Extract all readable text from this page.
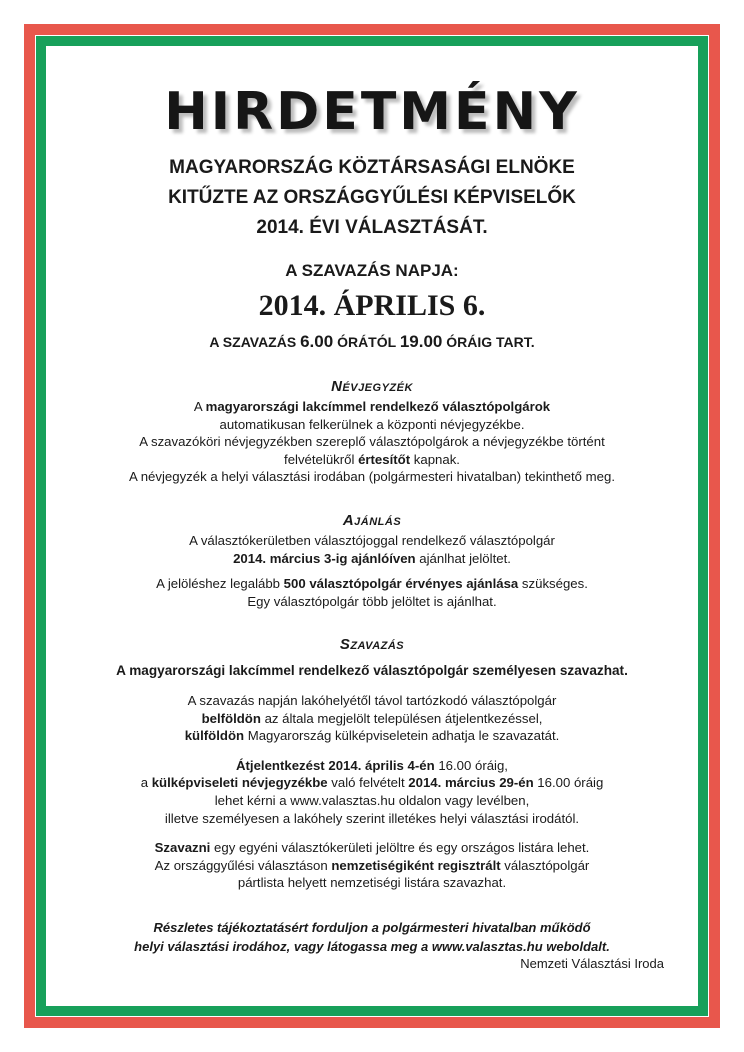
HIRDETMÉNY
MAGYARORSZÁG KÖZTÁRSASÁGI ELNÖKE
KITŰZTE AZ ORSZÁGGYŰLÉSI KÉPVISELŐK
2014. ÉVI VÁLASZTÁSÁT.
A SZAVAZÁS NAPJA:
2014. ÁPRILIS 6.
A SZAVAZÁS 6.00 ÓRÁTÓL 19.00 ÓRÁIG TART.
Névjegyzék

A magyarországi lakcímmel rendelkező választópolgárok

automatikusan felkerülnek a központi névjegyzékbe.

A szavazóköri névjegyzékben szereplő választópolgárok a névjegyzékbe történt

felvételükről értesítőt kapnak.

A névjegyzék a helyi választási irodában (polgármesteri hivatalban) tekinthető meg.

Ajánlás

A választókerületben választójoggal rendelkező választópolgár

2014. március 3-ig ajánlóíven ajánlhat jelöltet.

A jelöléshez legalább 500 választópolgár érvényes ajánlása szükséges.

Egy választópolgár több jelöltet is ajánlhat.

Szavazás

A magyarországi lakcímmel rendelkező választópolgár személyesen szavazhat.

A szavazás napján lakóhelyétől távol tartózkodó választópolgár

belföldön az általa megjelölt településen átjelentkezéssel,

külföldön Magyarország külképviseletein adhatja le szavazatát.

Átjelentkezést 2014. április 4-én 16.00 óráig,

a külképviseleti névjegyzékbe való felvételt 2014. március 29-én 16.00 óráig

lehet kérni a www.valasztas.hu oldalon vagy levélben,

illetve személyesen a lakóhely szerint illetékes helyi választási irodától.

Szavazni egy egyéni választókerületi jelöltre és egy országos listára lehet.

Az országgyűlési választáson nemzetiségiként regisztrált választópolgár

pártlista helyett nemzetiségi listára szavazhat.

Részletes tájékoztatásért forduljon a polgármesteri hivatalban működő
helyi választási irodához, vagy látogassa meg a www.valasztas.hu weboldalt.
Nemzeti Választási Iroda
